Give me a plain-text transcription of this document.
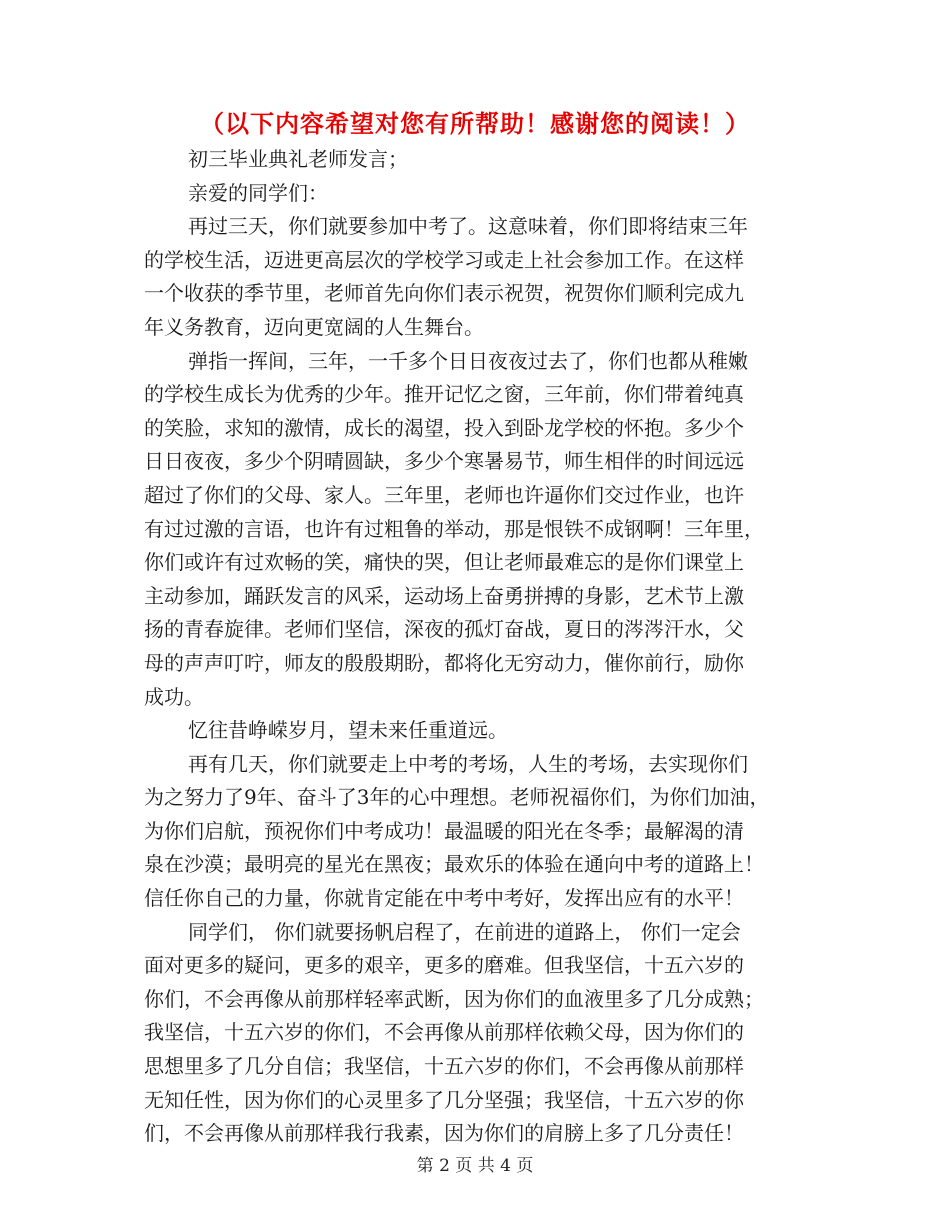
（以下内容希望对您有所帮助！感谢您的阅读！）
初三毕业典礼老师发言；
亲爱的同学们：
再过三天，你们就要参加中考了。这意味着，你们即将结束三年
的学校生活，迈进更高层次的学校学习或走上社会参加工作。在这样
一个收获的季节里，老师首先向你们表示祝贺，祝贺你们顺利完成九
年义务教育，迈向更宽阔的人生舞台。
弹指一挥间，三年，一千多个日日夜夜过去了，你们也都从稚嫩
的学校生成长为优秀的少年。推开记忆之窗，三年前，你们带着纯真
的笑脸，求知的激情，成长的渴望，投入到卧龙学校的怀抱。多少个
日日夜夜，多少个阴晴圆缺，多少个寒暑易节，师生相伴的时间远远
超过了你们的父母、家人。三年里，老师也许逼你们交过作业，也许
有过过激的言语，也许有过粗鲁的举动，那是恨铁不成钢啊！三年里，
你们或许有过欢畅的笑，痛快的哭，但让老师最难忘的是你们课堂上
主动参加，踊跃发言的风采，运动场上奋勇拼搏的身影，艺术节上激
扬的青春旋律。老师们坚信，深夜的孤灯奋战，夏日的涔涔汗水，父
母的声声叮咛，师友的殷殷期盼，都将化无穷动力，催你前行，励你
成功。
忆往昔峥嵘岁月，望未来任重道远。
再有几天，你们就要走上中考的考场，人生的考场，去实现你们
为之努力了9年、奋斗了3年的心中理想。老师祝福你们，为你们加油，
为你们启航，预祝你们中考成功！最温暖的阳光在冬季；最解渴的清
泉在沙漠；最明亮的星光在黑夜；最欢乐的体验在通向中考的道路上！
信任你自己的力量，你就肯定能在中考中考好，发挥出应有的水平！
同学们， 你们就要扬帆启程了，在前进的道路上， 你们一定会
面对更多的疑问，更多的艰辛，更多的磨难。但我坚信，十五六岁的
你们，不会再像从前那样轻率武断，因为你们的血液里多了几分成熟；
我坚信，十五六岁的你们，不会再像从前那样依赖父母，因为你们的
思想里多了几分自信；我坚信，十五六岁的你们，不会再像从前那样
无知任性，因为你们的心灵里多了几分坚强；我坚信，十五六岁的你
们，不会再像从前那样我行我素，因为你们的肩膀上多了几分责任！
第 2 页 共 4 页
